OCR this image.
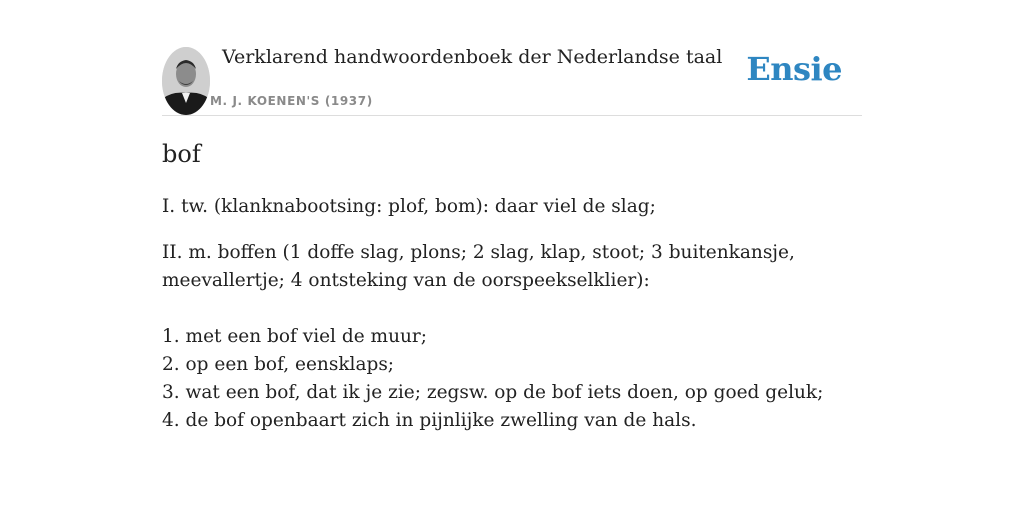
Verklarend handwoordenboek der Nederlandse taal
M. J. KOENEN'S (1937)
Ensie
bof
I. tw. (klanknabootsing: plof, bom): daar viel de slag;
II. m. boffen (1 doffe slag, plons; 2 slag, klap, stoot; 3 buitenkansje, meevallertje; 4 ontsteking van de oorspeekselklier):
1. met een bof viel de muur;
2. op een bof, eensklaps;
3. wat een bof, dat ik je zie; zegsw. op de bof iets doen, op goed geluk;
4. de bof openbaart zich in pijnlijke zwelling van de hals.
